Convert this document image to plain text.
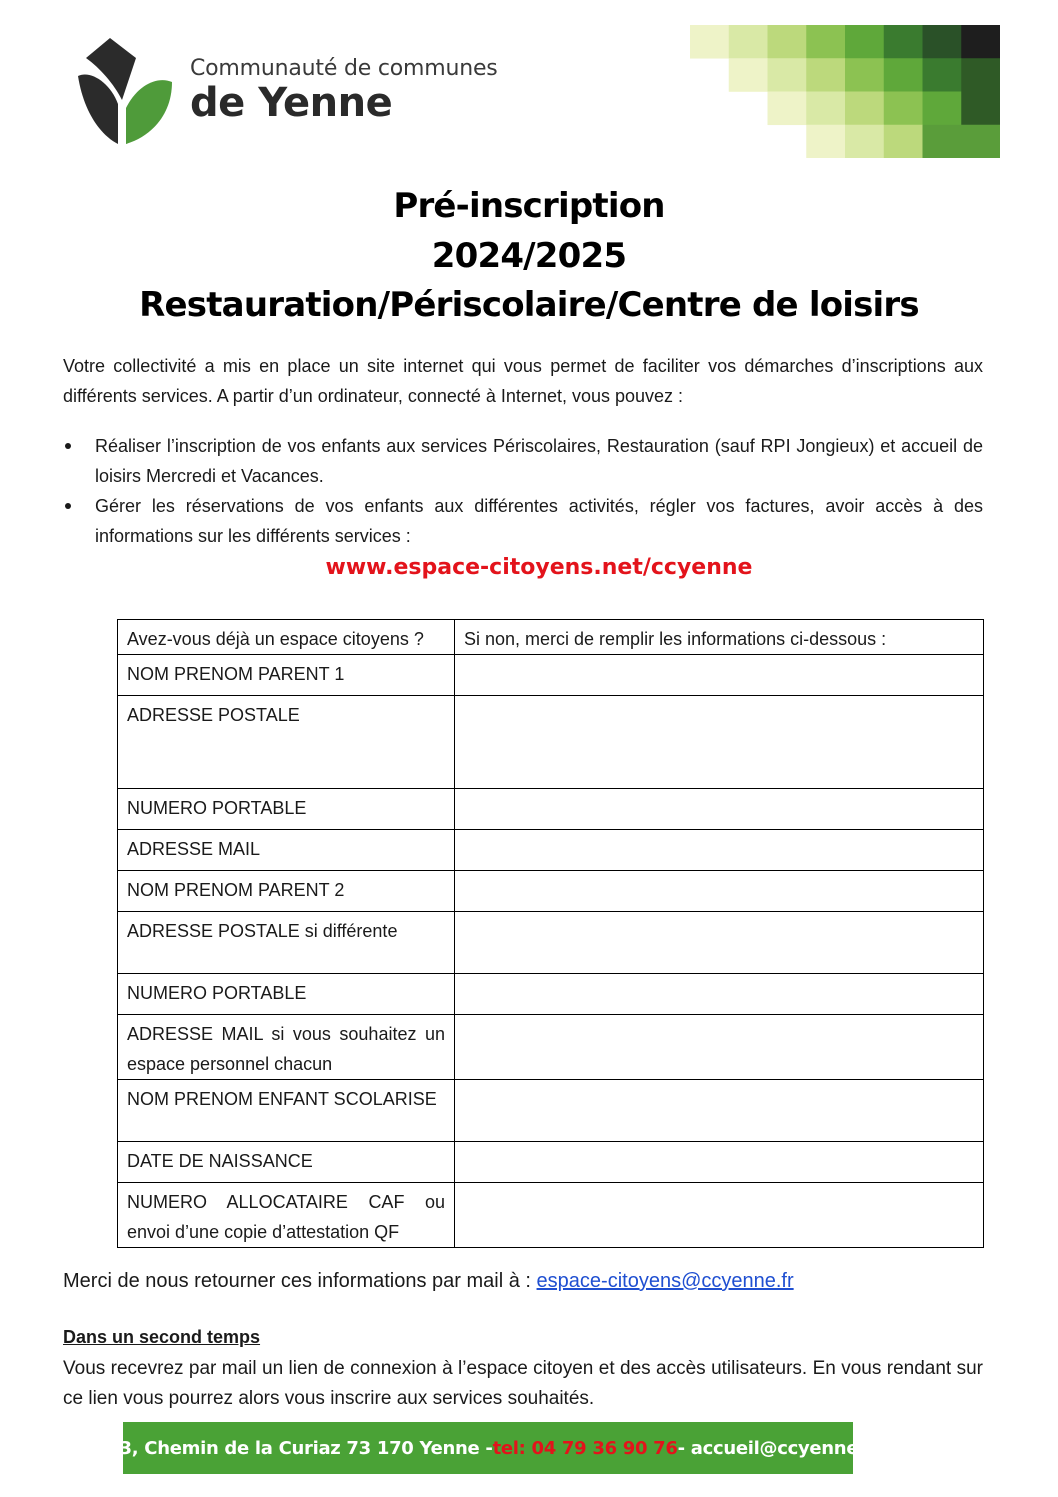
Communauté de communes
de Yenne
Pré-inscription
2024/2025
Restauration/Périscolaire/Centre de loisirs
Votre collectivité a mis en place un site internet qui vous permet de faciliter vos démarches d’inscriptions aux différents services. A partir d’un ordinateur, connecté à Internet, vous pouvez :
Réaliser l’inscription de vos enfants aux services Périscolaires, Restauration (sauf RPI Jongieux) et accueil de loisirs Mercredi et Vacances.
Gérer les réservations de vos enfants aux différentes activités, régler vos factures, avoir accès à des informations sur les différents services :
www.espace-citoyens.net/ccyenne
Avez-vous déjà un espace citoyens ?	Si non, merci de remplir les informations ci-dessous :
NOM PRENOM PARENT 1	
ADRESSE POSTALE	
NUMERO PORTABLE	
ADRESSE MAIL	
NOM PRENOM PARENT 2	
ADRESSE POSTALE si différente	
NUMERO PORTABLE	
ADRESSE MAIL si vous souhaitez un espace personnel chacun	
NOM PRENOM ENFANT SCOLARISE	
DATE DE NAISSANCE	
NUMERO ALLOCATAIRE CAF ou envoi d’une copie d’attestation QF	
Merci de nous retourner ces informations par mail à : espace-citoyens@ccyenne.fr
Dans un second temps
Vous recevrez par mail un lien de connexion à l’espace citoyen et des accès utilisateurs. En vous rendant sur ce lien vous pourrez alors vous inscrire aux services souhaités.
133, Chemin de la Curiaz 73 170 Yenne - tel: 04 79 36 90 76 - accueil@ccyenne.fr
